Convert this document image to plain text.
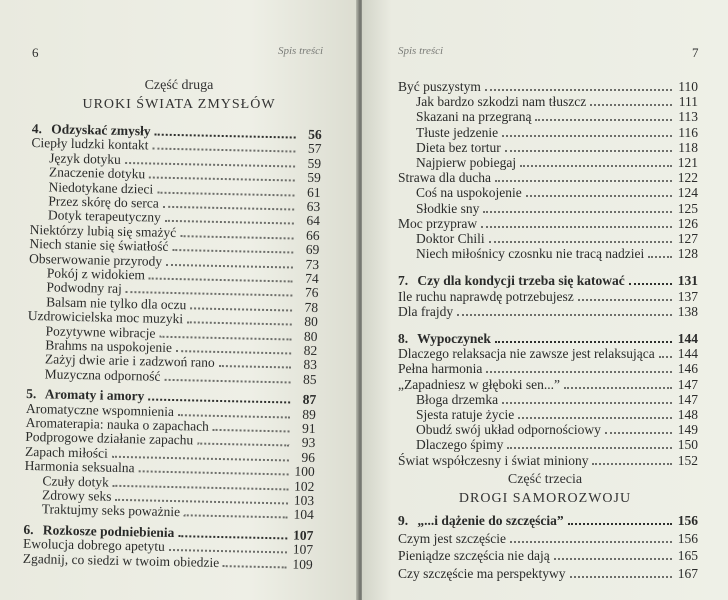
6	Spis treści
Część druga
UROKI ŚWIATA ZMYSŁÓW
4. Odzyskać zmysły	56
Ciepły ludzki kontakt	57
Język dotyku	59
Znaczenie dotyku	59
Niedotykane dzieci	61
Przez skórę do serca	63
Dotyk terapeutyczny	64
Niektórzy lubią się smażyć	66
Niech stanie się światłość	69
Obserwowanie przyrody	73
Pokój z widokiem	74
Podwodny raj	76
Balsam nie tylko dla oczu	78
Uzdrowicielska moc muzyki	80
Pozytywne wibracje	80
Brahms na uspokojenie	82
Zażyj dwie arie i zadzwoń rano	83
Muzyczna odporność	85
5. Aromaty i amory	87
Aromatyczne wspomnienia	89
Aromaterapia: nauka o zapachach	91
Podprogowe działanie zapachu	93
Zapach miłości	96
Harmonia seksualna	100
Czuły dotyk	102
Zdrowy seks	103
Traktujmy seks poważnie	104
6. Rozkosze podniebienia	107
Ewolucja dobrego apetytu	107
Zgadnij, co siedzi w twoim obiedzie	109
Spis treści	7
Być puszystym	110
Jak bardzo szkodzi nam tłuszcz	111
Skazani na przegraną	113
Tłuste jedzenie	116
Dieta bez tortur	118
Najpierw pobiegaj	121
Strawa dla ducha	122
Coś na uspokojenie	124
Słodkie sny	125
Moc przypraw	126
Doktor Chili	127
Niech miłośnicy czosnku nie tracą nadziei 128
7. Czy dla kondycji trzeba się katować	131
Ile ruchu naprawdę potrzebujesz	137
Dla frajdy	138
8. Wypoczynek	144
Dlaczego relaksacja nie zawsze jest relaksująca 144
Pełna harmonia	146
„Zapadniesz w głęboki sen...”	147
Błoga drzemka	147
Sjesta ratuje życie	148
Obudź swój układ odpornościowy	149
Dlaczego śpimy	150
Świat współczesny i świat miniony	152
Część trzecia
DROGI SAMOROZWOJU
9. „...i dążenie do szczęścia”	156
Czym jest szczęście	156
Pieniądze szczęścia nie dają	165
Czy szczęście ma perspektywy	167
